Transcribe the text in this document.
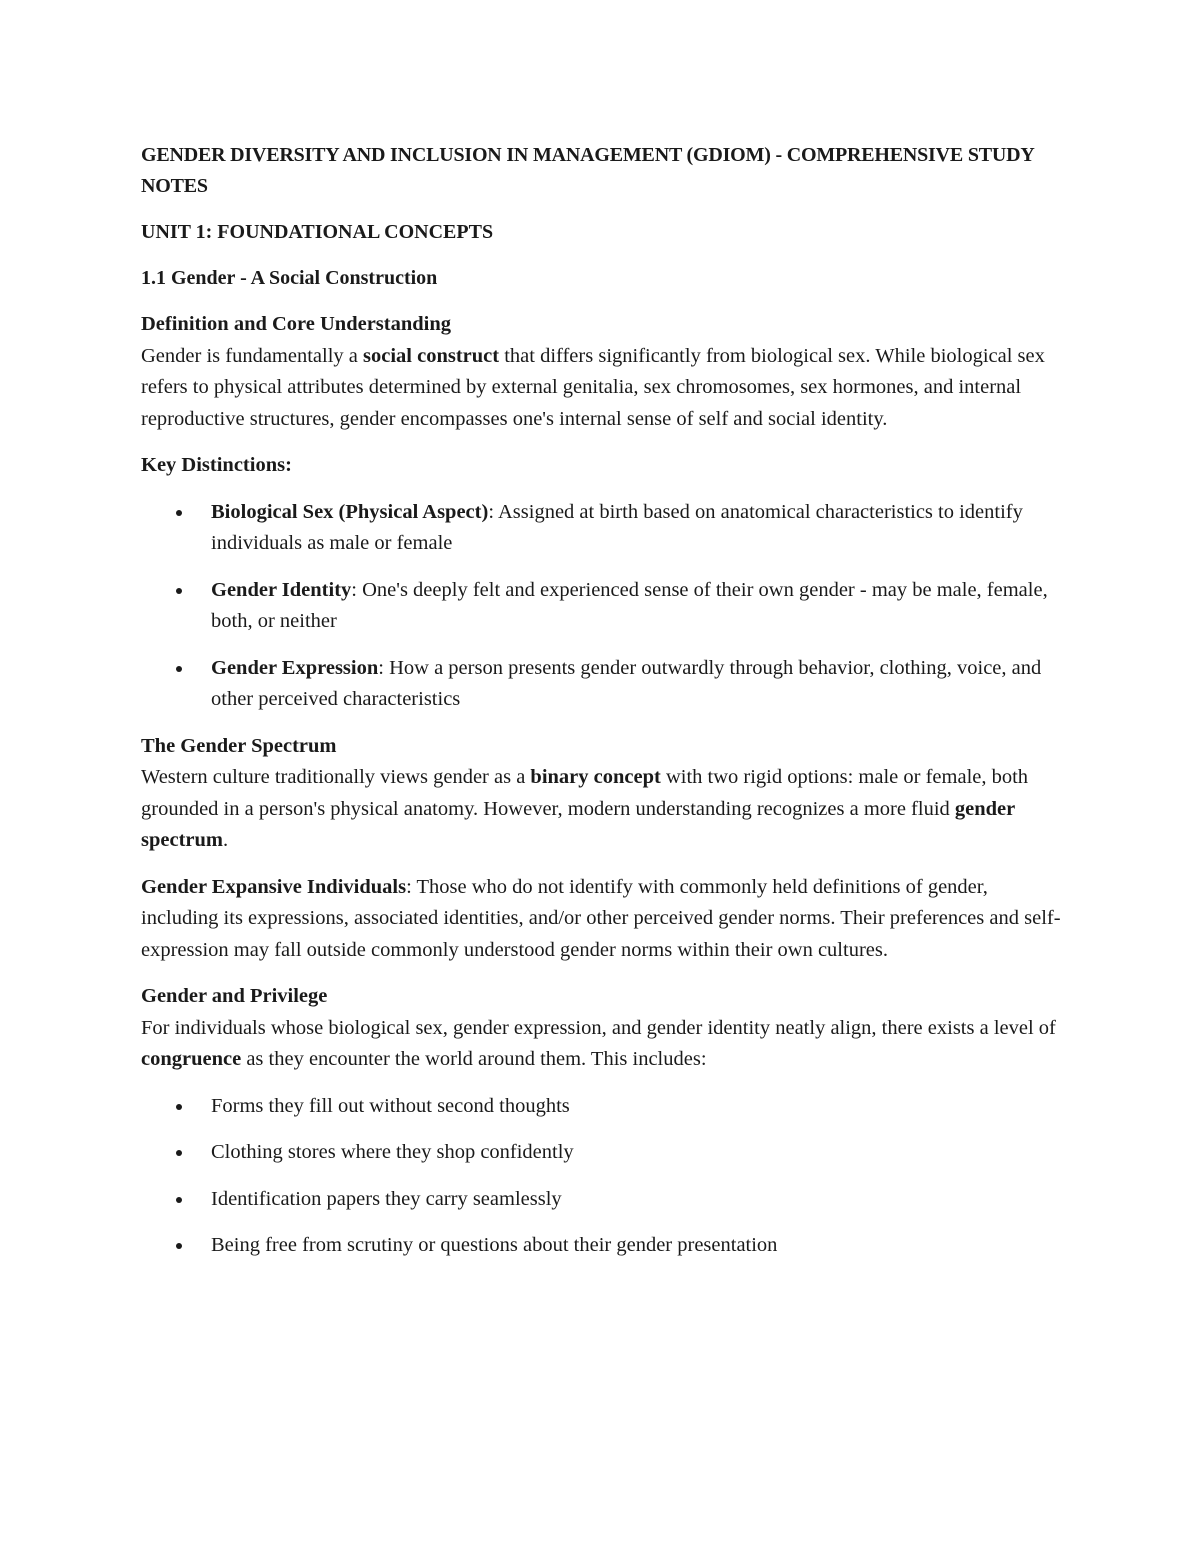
GENDER DIVERSITY AND INCLUSION IN MANAGEMENT (GDIOM) - COMPREHENSIVE STUDY NOTES
UNIT 1: FOUNDATIONAL CONCEPTS
1.1 Gender - A Social Construction

Definition and Core Understanding
Gender is fundamentally a social construct that differs significantly from biological sex. While biological sex refers to physical attributes determined by external genitalia, sex chromosomes, sex hormones, and internal reproductive structures, gender encompasses one's internal sense of self and social identity.

Key Distinctions:

Biological Sex (Physical Aspect): Assigned at birth based on anatomical characteristics to identify individuals as male or female
Gender Identity: One's deeply felt and experienced sense of their own gender - may be male, female, both, or neither
Gender Expression: How a person presents gender outwardly through behavior, clothing, voice, and other perceived characteristics

The Gender Spectrum
Western culture traditionally views gender as a binary concept with two rigid options: male or female, both grounded in a person's physical anatomy. However, modern understanding recognizes a more fluid gender spectrum.

Gender Expansive Individuals: Those who do not identify with commonly held definitions of gender, including its expressions, associated identities, and/or other perceived gender norms. Their preferences and self-expression may fall outside commonly understood gender norms within their own cultures.

Gender and Privilege
For individuals whose biological sex, gender expression, and gender identity neatly align, there exists a level of congruence as they encounter the world around them. This includes:

Forms they fill out without second thoughts
Clothing stores where they shop confidently
Identification papers they carry seamlessly
Being free from scrutiny or questions about their gender presentation
